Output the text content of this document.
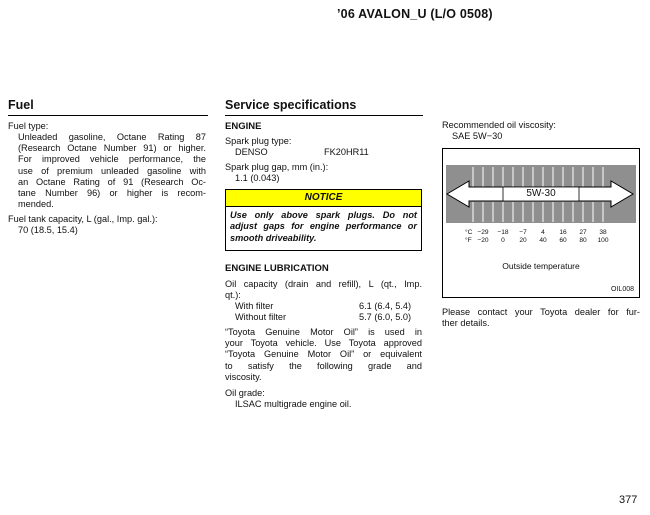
’06 AVALON_U (L/O 0508)
Fuel
Fuel type:
Unleaded gasoline, Octane Rating 87
(Research Octane Number 91) or higher.
For improved vehicle performance, the
use of premium unleaded gasoline with
an Octane Rating of 91 (Research Oc-
tane Number 96) or higher is recom-
mended.
Fuel tank capacity, L (gal., Imp. gal.):
70 (18.5, 15.4)
Service specifications
ENGINE
Spark plug type:
DENSO	FK20HR11
Spark plug gap, mm (in.):
1.1 (0.043)
NOTICE
Use only above spark plugs. Do not
adjust gaps for engine performance or
smooth driveability.
ENGINE LUBRICATION
Oil capacity (drain and refill), L (qt., Imp.
qt.):
With filter	6.1 (6.4, 5.4)
Without filter	5.7 (6.0, 5.0)
“Toyota Genuine Motor Oil” is used in
your Toyota vehicle. Use Toyota approved
“Toyota Genuine Motor Oil” or equivalent
to satisfy the following grade and
viscosity.
Oil grade:
ILSAC multigrade engine oil.
Recommended oil viscosity:
SAE 5W−30
5W-30
°C
°F
−29 −18 −7 4 16 27 38
−20 0 20 40 60 80 100
Outside temperature
OIL008
Please contact your Toyota dealer for fur-
ther details.
377
